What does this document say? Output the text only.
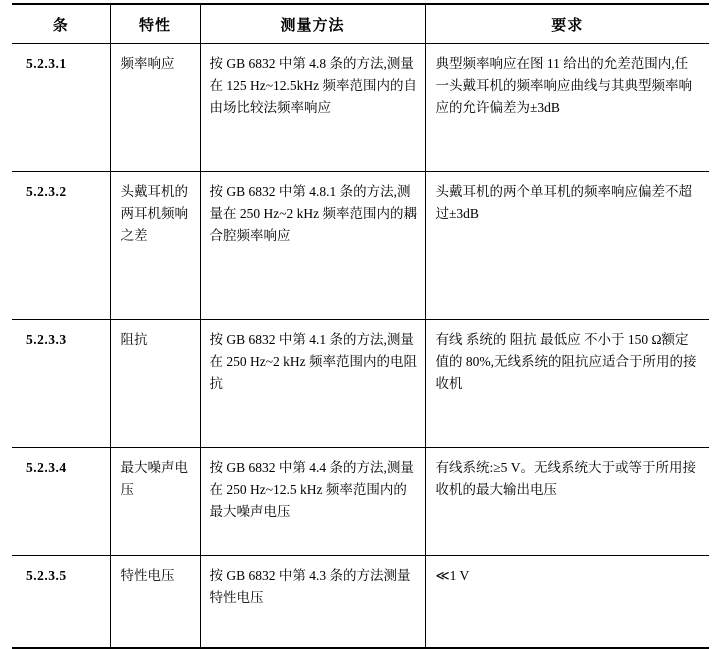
条	特性	测量方法	要求
5.2.3.1	频率响应	按 GB 6832 中第 4.8 条的方法,测量在 125 Hz~12.5kHz 频率范围内的自由场比较法频率响应	典型频率响应在图 11 给出的允差范围内,任一头戴耳机的频率响应曲线与其典型频率响应的允许偏差为±3dB
5.2.3.2	头戴耳机的两耳机频响之差	按 GB 6832 中第 4.8.1 条的方法,测量在 250 Hz~2 kHz 频率范围内的耦合腔频率响应	头戴耳机的两个单耳机的频率响应偏差不超过±3dB
5.2.3.3	阻抗	按 GB 6832 中第 4.1 条的方法,测量在 250 Hz~2 kHz 频率范围内的电阻抗	有线 系统的 阻抗 最低应 不小于 150 Ω额定值的 80%,无线系统的阻抗应适合于所用的接收机
5.2.3.4	最大噪声电压	按 GB 6832 中第 4.4 条的方法,测量在 250 Hz~12.5 kHz 频率范围内的最大噪声电压	有线系统:≥5 V。无线系统大于或等于所用接收机的最大输出电压
5.2.3.5	特性电压	按 GB 6832 中第 4.3 条的方法测量特性电压	≪1 V
